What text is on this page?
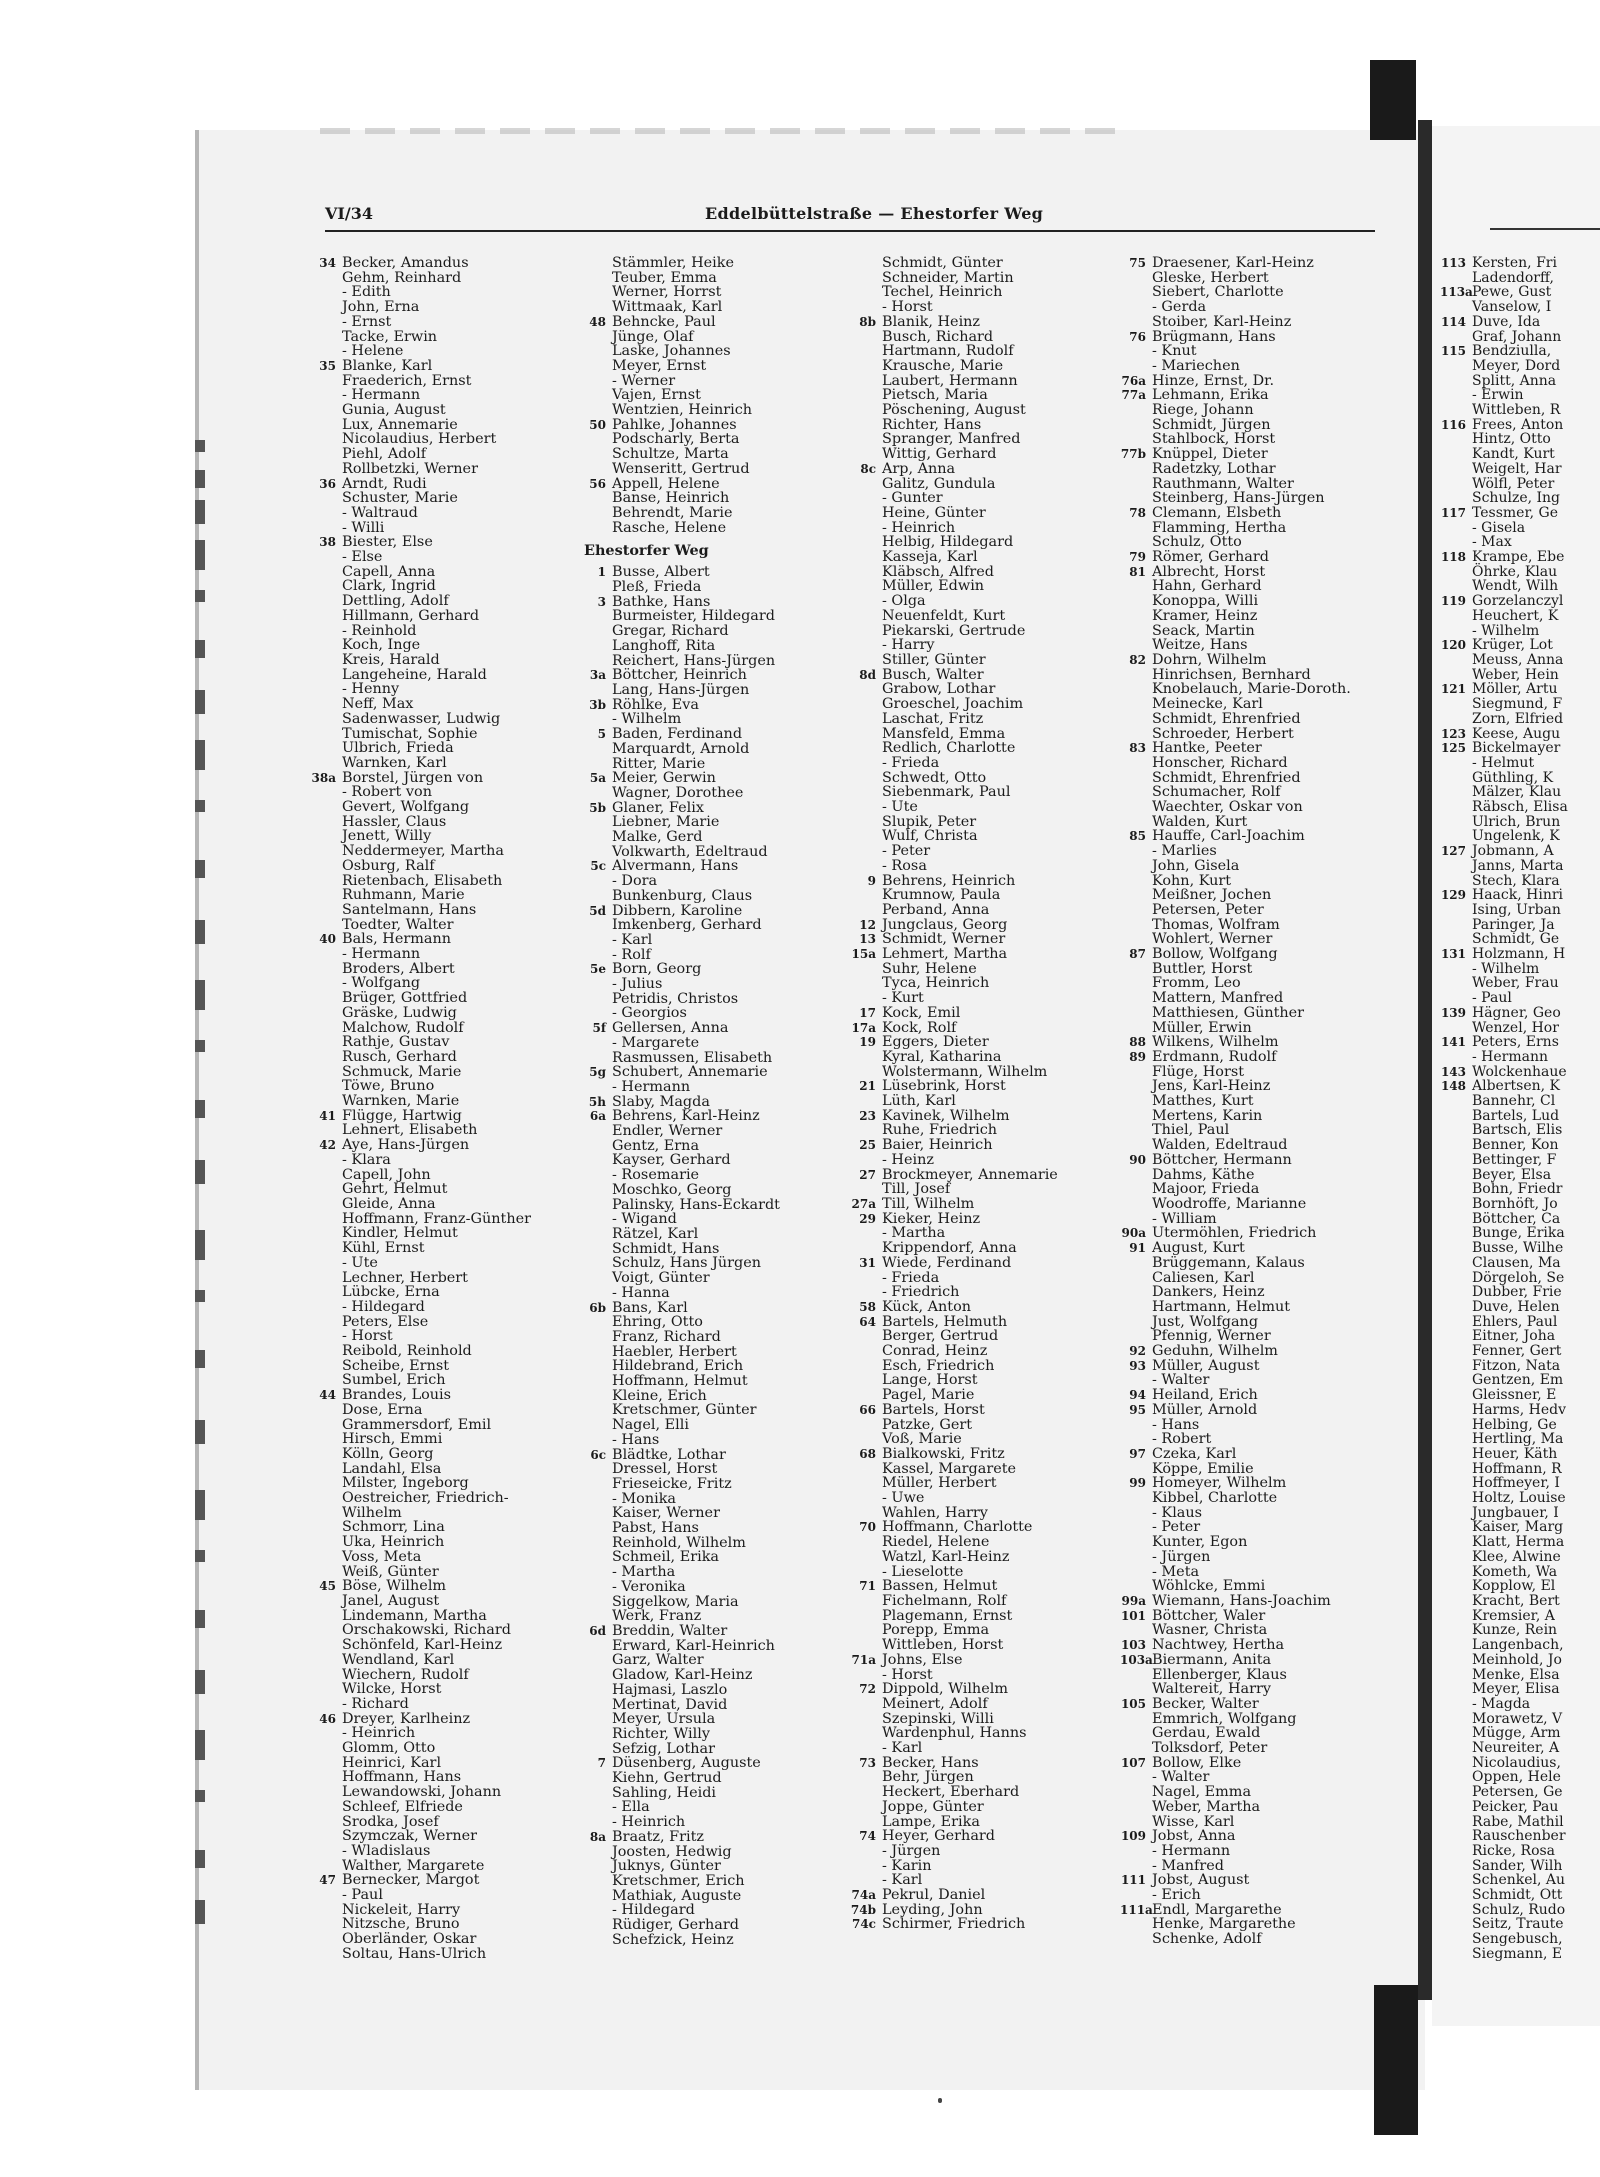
VI/34	Eddelbüttelstraße — Ehestorfer Weg
34 Becker, Amandus
Gehm, Reinhard
- Edith
John, Erna
- Ernst
Tacke, Erwin
- Helene
35 Blanke, Karl
Fraederich, Ernst
- Hermann
Gunia, August
Lux, Annemarie
Nicolaudius, Herbert
Piehl, Adolf
Rollbetzki, Werner
36 Arndt, Rudi
Schuster, Marie
- Waltraud
- Willi
38 Biester, Else
- Else
Capell, Anna
Clark, Ingrid
Dettling, Adolf
Hillmann, Gerhard
- Reinhold
Koch, Inge
Kreis, Harald
Langeheine, Harald
- Henny
Neff, Max
Sadenwasser, Ludwig
Tumischat, Sophie
Ulbrich, Frieda
Warnken, Karl
38a Borstel, Jürgen von
- Robert von
Gevert, Wolfgang
Hassler, Claus
Jenett, Willy
Neddermeyer, Martha
Osburg, Ralf
Rietenbach, Elisabeth
Ruhmann, Marie
Santelmann, Hans
Toedter, Walter
40 Bals, Hermann
- Hermann
Broders, Albert
- Wolfgang
Brüger, Gottfried
Gräske, Ludwig
Malchow, Rudolf
Rathje, Gustav
Rusch, Gerhard
Schmuck, Marie
Töwe, Bruno
Warnken, Marie
41 Flügge, Hartwig
Lehnert, Elisabeth
42 Aye, Hans-Jürgen
- Klara
Capell, John
Gehrt, Helmut
Gleide, Anna
Hoffmann, Franz-Günther
Kindler, Helmut
Kühl, Ernst
- Ute
Lechner, Herbert
Lübcke, Erna
- Hildegard
Peters, Else
- Horst
Reibold, Reinhold
Scheibe, Ernst
Sumbel, Erich
44 Brandes, Louis
Dose, Erna
Grammersdorf, Emil
Hirsch, Emmi
Kölln, Georg
Landahl, Elsa
Milster, Ingeborg
Oestreicher, Friedrich-
Wilhelm
Schmorr, Lina
Uka, Heinrich
Voss, Meta
Weiß, Günter
45 Böse, Wilhelm
Janel, August
Lindemann, Martha
Orschakowski, Richard
Schönfeld, Karl-Heinz
Wendland, Karl
Wiechern, Rudolf
Wilcke, Horst
- Richard
46 Dreyer, Karlheinz
- Heinrich
Glomm, Otto
Heinrici, Karl
Hoffmann, Hans
Lewandowski, Johann
Schleef, Elfriede
Srodka, Josef
Szymczak, Werner
- Wladislaus
Walther, Margarete
47 Bernecker, Margot
- Paul
Nickeleit, Harry
Nitzsche, Bruno
Oberländer, Oskar
Soltau, Hans-Ulrich
Stämmler, Heike
Teuber, Emma
Werner, Horrst
Wittmaak, Karl
48 Behncke, Paul
Jünge, Olaf
Laske, Johannes
Meyer, Ernst
- Werner
Vajen, Ernst
Wentzien, Heinrich
50 Pahlke, Johannes
Podscharly, Berta
Schultze, Marta
Wenseritt, Gertrud
56 Appell, Helene
Banse, Heinrich
Behrendt, Marie
Rasche, Helene
Ehestorfer Weg
1 Busse, Albert
Pleß, Frieda
3 Bathke, Hans
Burmeister, Hildegard
Gregar, Richard
Langhoff, Rita
Reichert, Hans-Jürgen
3a Böttcher, Heinrich
Lang, Hans-Jürgen
3b Röhlke, Eva
- Wilhelm
5 Baden, Ferdinand
Marquardt, Arnold
Ritter, Marie
5a Meier, Gerwin
Wagner, Dorothee
5b Glaner, Felix
Liebner, Marie
Malke, Gerd
Volkwarth, Edeltraud
5c Alvermann, Hans
- Dora
Bunkenburg, Claus
5d Dibbern, Karoline
Imkenberg, Gerhard
- Karl
- Rolf
5e Born, Georg
- Julius
Petridis, Christos
- Georgios
5f Gellersen, Anna
- Margarete
Rasmussen, Elisabeth
5g Schubert, Annemarie
- Hermann
5h Slaby, Magda
6a Behrens, Karl-Heinz
Endler, Werner
Gentz, Erna
Kayser, Gerhard
- Rosemarie
Moschko, Georg
Palinsky, Hans-Eckardt
- Wigand
Rätzel, Karl
Schmidt, Hans
Schulz, Hans Jürgen
Voigt, Günter
- Hanna
6b Bans, Karl
Ehring, Otto
Franz, Richard
Haebler, Herbert
Hildebrand, Erich
Hoffmann, Helmut
Kleine, Erich
Kretschmer, Günter
Nagel, Elli
- Hans
6c Blädtke, Lothar
Dressel, Horst
Frieseicke, Fritz
- Monika
Kaiser, Werner
Pabst, Hans
Reinhold, Wilhelm
Schmeil, Erika
- Martha
- Veronika
Siggelkow, Maria
Werk, Franz
6d Breddin, Walter
Erward, Karl-Heinrich
Garz, Walter
Gladow, Karl-Heinz
Hajmasi, Laszlo
Mertinat, David
Meyer, Ursula
Richter, Willy
Sefzig, Lothar
7 Düsenberg, Auguste
Kiehn, Gertrud
Sahling, Heidi
- Ella
- Heinrich
8a Braatz, Fritz
Joosten, Hedwig
Juknys, Günter
Kretschmer, Erich
Mathiak, Auguste
- Hildegard
Rüdiger, Gerhard
Schefzick, Heinz
Schmidt, Günter
Schneider, Martin
Techel, Heinrich
- Horst
8b Blanik, Heinz
Busch, Richard
Hartmann, Rudolf
Krausche, Marie
Laubert, Hermann
Pietsch, Maria
Pöschening, August
Richter, Hans
Spranger, Manfred
Wittig, Gerhard
8c Arp, Anna
Galitz, Gundula
- Gunter
Heine, Günter
- Heinrich
Helbig, Hildegard
Kasseja, Karl
Kläbsch, Alfred
Müller, Edwin
- Olga
Neuenfeldt, Kurt
Piekarski, Gertrude
- Harry
Stiller, Günter
8d Busch, Walter
Grabow, Lothar
Groeschel, Joachim
Laschat, Fritz
Mansfeld, Emma
Redlich, Charlotte
- Frieda
Schwedt, Otto
Siebenmark, Paul
- Ute
Slupik, Peter
Wulf, Christa
- Peter
- Rosa
9 Behrens, Heinrich
Krumnow, Paula
Perband, Anna
12 Jungclaus, Georg
13 Schmidt, Werner
15a Lehmert, Martha
Suhr, Helene
Tyca, Heinrich
- Kurt
17 Kock, Emil
17a Kock, Rolf
19 Eggers, Dieter
Kyral, Katharina
Wolstermann, Wilhelm
21 Lüsebrink, Horst
Lüth, Karl
23 Kavinek, Wilhelm
Ruhe, Friedrich
25 Baier, Heinrich
- Heinz
27 Brockmeyer, Annemarie
Till, Josef
27a Till, Wilhelm
29 Kieker, Heinz
- Martha
Krippendorf, Anna
31 Wiede, Ferdinand
- Frieda
- Friedrich
58 Kück, Anton
64 Bartels, Helmuth
Berger, Gertrud
Conrad, Heinz
Esch, Friedrich
Lange, Horst
Pagel, Marie
66 Bartels, Horst
Patzke, Gert
Voß, Marie
68 Bialkowski, Fritz
Kassel, Margarete
Müller, Herbert
- Uwe
Wahlen, Harry
70 Hoffmann, Charlotte
Riedel, Helene
Watzl, Karl-Heinz
- Lieselotte
71 Bassen, Helmut
Fichelmann, Rolf
Plagemann, Ernst
Porepp, Emma
Wittleben, Horst
71a Johns, Else
- Horst
72 Dippold, Wilhelm
Meinert, Adolf
Szepinski, Willi
Wardenphul, Hanns
- Karl
73 Becker, Hans
Behr, Jürgen
Heckert, Eberhard
Joppe, Günter
Lampe, Erika
74 Heyer, Gerhard
- Jürgen
- Karin
- Karl
74a Pekrul, Daniel
74b Leyding, John
74c Schirmer, Friedrich
75 Draesener, Karl-Heinz
Gleske, Herbert
Siebert, Charlotte
- Gerda
Stoiber, Karl-Heinz
76 Brügmann, Hans
- Knut
- Mariechen
76a Hinze, Ernst, Dr.
77a Lehmann, Erika
Riege, Johann
Schmidt, Jürgen
Stahlbock, Horst
77b Knüppel, Dieter
Radetzky, Lothar
Rauthmann, Walter
Steinberg, Hans-Jürgen
78 Clemann, Elsbeth
Flamming, Hertha
Schulz, Otto
79 Römer, Gerhard
81 Albrecht, Horst
Hahn, Gerhard
Konoppa, Willi
Kramer, Heinz
Seack, Martin
Weitze, Hans
82 Dohrn, Wilhelm
Hinrichsen, Bernhard
Knobelauch, Marie-Doroth.
Meinecke, Karl
Schmidt, Ehrenfried
Schroeder, Herbert
83 Hantke, Peeter
Honscher, Richard
Schmidt, Ehrenfried
Schumacher, Rolf
Waechter, Oskar von
Walden, Kurt
85 Hauffe, Carl-Joachim
- Marlies
John, Gisela
Kohn, Kurt
Meißner, Jochen
Petersen, Peter
Thomas, Wolfram
Wohlert, Werner
87 Bollow, Wolfgang
Buttler, Horst
Fromm, Leo
Mattern, Manfred
Matthiesen, Günther
Müller, Erwin
88 Wilkens, Wilhelm
89 Erdmann, Rudolf
Flüge, Horst
Jens, Karl-Heinz
Matthes, Kurt
Mertens, Karin
Thiel, Paul
Walden, Edeltraud
90 Böttcher, Hermann
Dahms, Käthe
Majoor, Frieda
Woodroffe, Marianne
- William
90a Utermöhlen, Friedrich
91 August, Kurt
Brüggemann, Kalaus
Caliesen, Karl
Dankers, Heinz
Hartmann, Helmut
Just, Wolfgang
Pfennig, Werner
92 Geduhn, Wilhelm
93 Müller, August
- Walter
94 Heiland, Erich
95 Müller, Arnold
- Hans
- Robert
97 Czeka, Karl
Köppe, Emilie
99 Homeyer, Wilhelm
Kibbel, Charlotte
- Klaus
- Peter
Kunter, Egon
- Jürgen
- Meta
Wöhlcke, Emmi
99a Wiemann, Hans-Joachim
101 Böttcher, Waler
Wasner, Christa
103 Nachtwey, Hertha
103a Biermann, Anita
Ellenberger, Klaus
Waltereit, Harry
105 Becker, Walter
Emmrich, Wolfgang
Gerdau, Ewald
Tolksdorf, Peter
107 Bollow, Elke
- Walter
Nagel, Emma
Weber, Martha
Wisse, Karl
109 Jobst, Anna
- Hermann
- Manfred
111 Jobst, August
- Erich
111a Endl, Margarethe
Henke, Margarethe
Schenke, Adolf
113 Kersten, Fri
Ladendorff,
113a Pewe, Gust
Vanselow, I
114 Duve, Ida
Graf, Johann
115 Bendziulla,
Meyer, Dord
Splitt, Anna
- Erwin
Wittleben, R
116 Frees, Anton
Hintz, Otto
Kandt, Kurt
Weigelt, Har
Wölfl, Peter
Schulze, Ing
117 Tessmer, Ge
- Gisela
- Max
118 Krampe, Ebe
Öhrke, Klau
Wendt, Wilh
119 Gorzelanczyl
Heuchert, K
- Wilhelm
120 Krüger, Lot
Meuss, Anna
Weber, Hein
121 Möller, Artu
Siegmund, F
Zorn, Elfried
123 Keese, Augu
125 Bickelmayer
- Helmut
Güthling, K
Mälzer, Klau
Räbsch, Elisa
Ulrich, Brun
Ungelenk, K
127 Jobmann, A
Janns, Marta
Stech, Klara
129 Haack, Hinri
Ising, Urban
Paringer, Ja
Schmidt, Ge
131 Holzmann, H
- Wilhelm
Weber, Frau
- Paul
139 Hägner, Geo
Wenzel, Hor
141 Peters, Erns
- Hermann
143 Wolckenhaue
148 Albertsen, K
Bannehr, Cl
Bartels, Lud
Bartsch, Elis
Benner, Kon
Bettinger, F
Beyer, Elsa
Bohn, Friedr
Bornhöft, Jo
Böttcher, Ca
Bunge, Erika
Busse, Wilhe
Clausen, Ma
Dörgeloh, Se
Dubber, Frie
Duve, Helen
Ehlers, Paul
Eitner, Joha
Fenner, Gert
Fitzon, Nata
Gentzen, Em
Gleissner, E
Harms, Hedv
Helbing, Ge
Hertling, Ma
Heuer, Käth
Hoffmann, R
Hoffmeyer, I
Holtz, Louise
Jungbauer, I
Kaiser, Marg
Klatt, Herma
Klee, Alwine
Kometh, Wa
Kopplow, El
Kracht, Bert
Kremsier, A
Kunze, Rein
Langenbach,
Meinhold, Jo
Menke, Elsa
Meyer, Elisa
- Magda
Morawetz, V
Mügge, Arm
Neureiter, A
Nicolaudius,
Oppen, Hele
Petersen, Ge
Peicker, Pau
Rabe, Mathil
Rauschenber
Ricke, Rosa
Sander, Wilh
Schenkel, Au
Schmidt, Ott
Schulz, Rudo
Seitz, Traute
Sengebusch,
Siegmann, E
